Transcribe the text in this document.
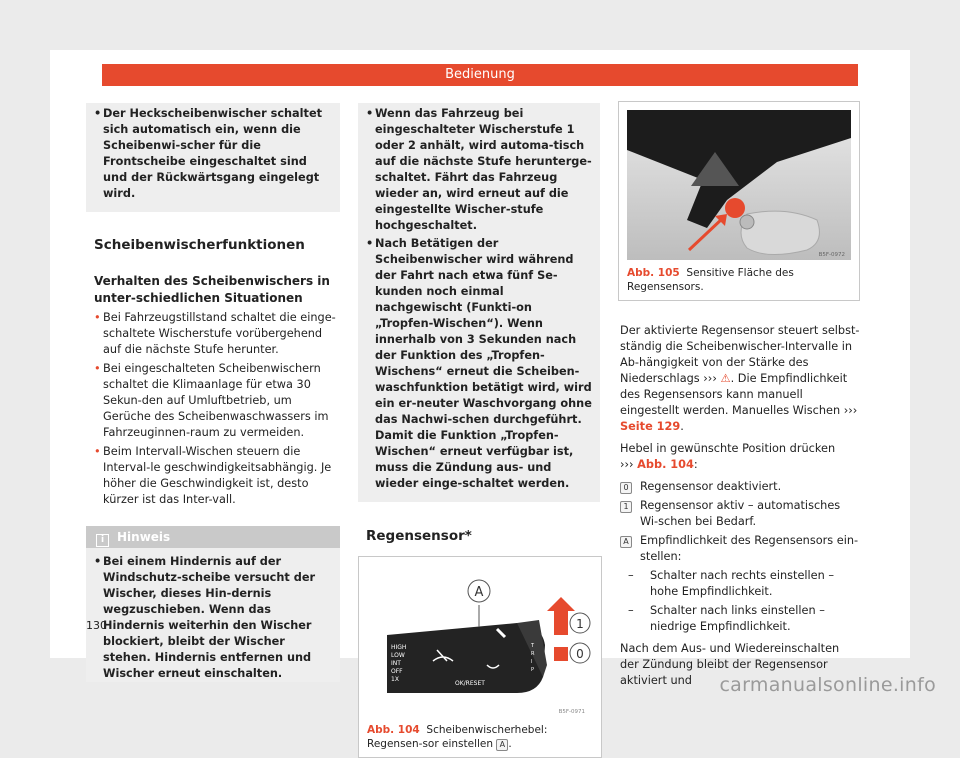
Bedienung

• Der Heckscheibenwischer schaltet sich automatisch ein, wenn die Scheibenwi-scher für die Frontscheibe eingeschaltet sind und der Rückwärtsgang eingelegt wird.

Scheibenwischerfunktionen
Verhalten des Scheibenwischers in unter-schiedlichen Situationen

• Bei Fahrzeugstillstand schaltet die einge-schaltete Wischerstufe vorübergehend auf die nächste Stufe herunter.

• Bei eingeschalteten Scheibenwischern schaltet die Klimaanlage für etwa 30 Sekun-den auf Umluftbetrieb, um Gerüche des Scheibenwaschwassers im Fahrzeuginnen-raum zu vermeiden.

• Beim Intervall-Wischen steuern die Interval-le geschwindigkeitsabhängig. Je höher die Geschwindigkeit ist, desto kürzer ist das Inter-vall.

i Hinweis

• Bei einem Hindernis auf der Windschutz-scheibe versucht der Wischer, dieses Hin-dernis wegzuschieben. Wenn das Hindernis weiterhin den Wischer blockiert, bleibt der Wischer stehen. Hindernis entfernen und Wischer erneut einschalten.

• Wenn das Fahrzeug bei eingeschalteter Wischerstufe 1 oder 2 anhält, wird automa-tisch auf die nächste Stufe herunterge-schaltet. Fährt das Fahrzeug wieder an, wird erneut auf die eingestellte Wischer-stufe hochgeschaltet.

• Nach Betätigen der Scheibenwischer wird während der Fahrt nach etwa fünf Se-kunden noch einmal nachgewischt (Funkti-on „Tropfen-Wischen“). Wenn innerhalb von 3 Sekunden nach der Funktion des „Tropfen-Wischens“ erneut die Scheiben-waschfunktion betätigt wird, wird ein er-neuter Waschvorgang ohne das Nachwi-schen durchgeführt. Damit die Funktion „Tropfen-Wischen“ erneut verfügbar ist, muss die Zündung aus- und wieder einge-schaltet werden.

Regensensor*
HIGH
LOW
INT
OFF
1X
OK/RESET
T
R
I
P
A
1
0
B5F-0971
Abb. 104 Scheibenwischerhebel: Regensen-sor einstellen A .
B5F-0972
Abb. 105 Sensitive Fläche des Regensensors.

Der aktivierte Regensensor steuert selbst-ständig die Scheibenwischer-Intervalle in Ab-hängigkeit von der Stärke des Niederschlags ››› ⚠. Die Empfindlichkeit des Regensensors kann manuell eingestellt werden. Manuelles Wischen ››› Seite 129.

Hebel in gewünschte Position drücken
››› Abb. 104:

0	Regensensor deaktiviert.

1	Regensensor aktiv – automatisches Wi-schen bei Bedarf.

A Empfindlichkeit des Regensensors ein-stellen:

– Schalter nach rechts einstellen – hohe Empfindlichkeit.

– Schalter nach links einstellen – niedrige Empfindlichkeit.

Nach dem Aus- und Wiedereinschalten der Zündung bleibt der Regensensor aktiviert und

130
carmanualsonline.info
